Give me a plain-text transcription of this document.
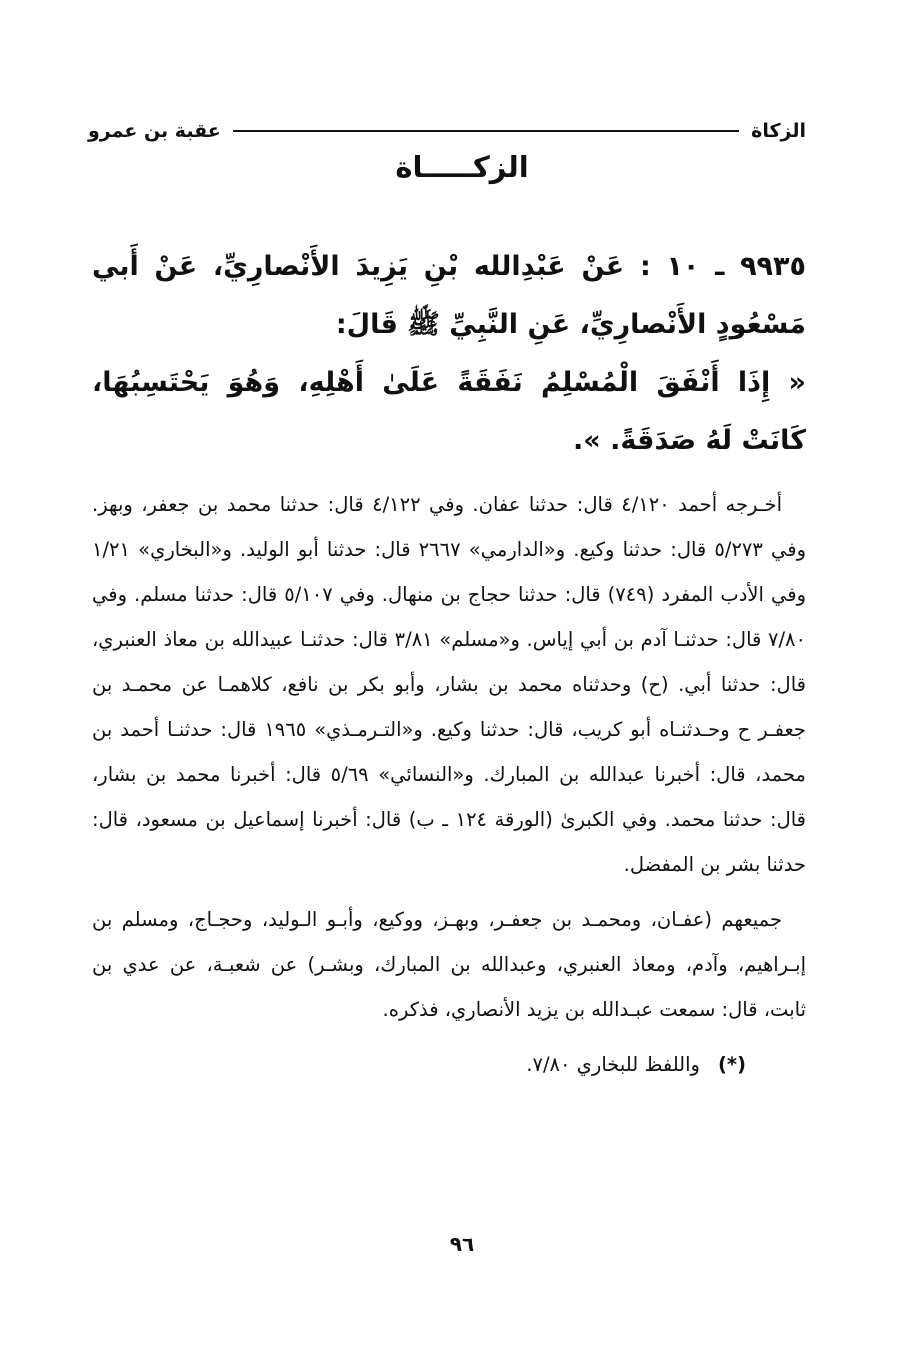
الزكاة
عقبة بن عمرو
الزكـــــاة
٩٩٣٥ ـ ١٠ : عَنْ عَبْدِالله بْنِ يَزِيدَ الأَنْصارِيِّ، عَنْ أَبي مَسْعُودٍ الأَنْصارِيِّ، عَنِ النَّبِيِّ ﷺ قَالَ:
« إِذَا أَنْفَقَ الْمُسْلِمُ نَفَقَةً عَلَىٰ أَهْلِهِ، وَهُوَ يَحْتَسِبُهَا، كَانَتْ لَهُ صَدَقَةً. ».

أخـرجه أحمد ٤/١٢٠ قال: حدثنا عفان. وفي ٤/١٢٢ قال: حدثنا محمد بن جعفر، وبهز. وفي ٥/٢٧٣ قال: حدثنا وكيع. و«الدارمي» ٢٦٦٧ قال: حدثنا أبو الوليد. و«البخاري» ١/٢١ وفي الأدب المفرد (٧٤٩) قال: حدثنا حجاج بن منهال. وفي ٥/١٠٧ قال: حدثنا مسلم. وفي ٧/٨٠ قال: حدثنـا آدم بن أبي إياس. و«مسلم» ٣/٨١ قال: حدثنـا عبيدالله بن معاذ العنبري، قال: حدثنا أبي. (ح) وحدثناه محمد بن بشار، وأبو بكر بن نافع، كلاهمـا عن محمـد بن جعفـر ح وحـدثنـاه أبو كريب، قال: حدثنا وكيع. و«التـرمـذي» ١٩٦٥ قال: حدثنـا أحمد بن محمد، قال: أخبرنا عبدالله بن المبارك. و«النسائي» ٥/٦٩ قال: أخبرنا محمد بن بشار، قال: حدثنا محمد. وفي الكبرىٰ (الورقة ١٢٤ ـ ب) قال: أخبرنا إسماعيل بن مسعود، قال: حدثنا بشر بن المفضل.

جميعهم (عفـان، ومحمـد بن جعفـر، وبهـز، ووكيع، وأبـو الـوليد، وحجـاج، ومسلم بن إبـراهيم، وآدم، ومعاذ العنبري، وعبدالله بن المبارك، وبشـر) عن شعبـة، عن عدي بن ثابت، قال: سمعت عبـدالله بن يزيد الأنصاري، فذكره.

(*)واللفظ للبخاري ٧/٨٠.

٩٦
